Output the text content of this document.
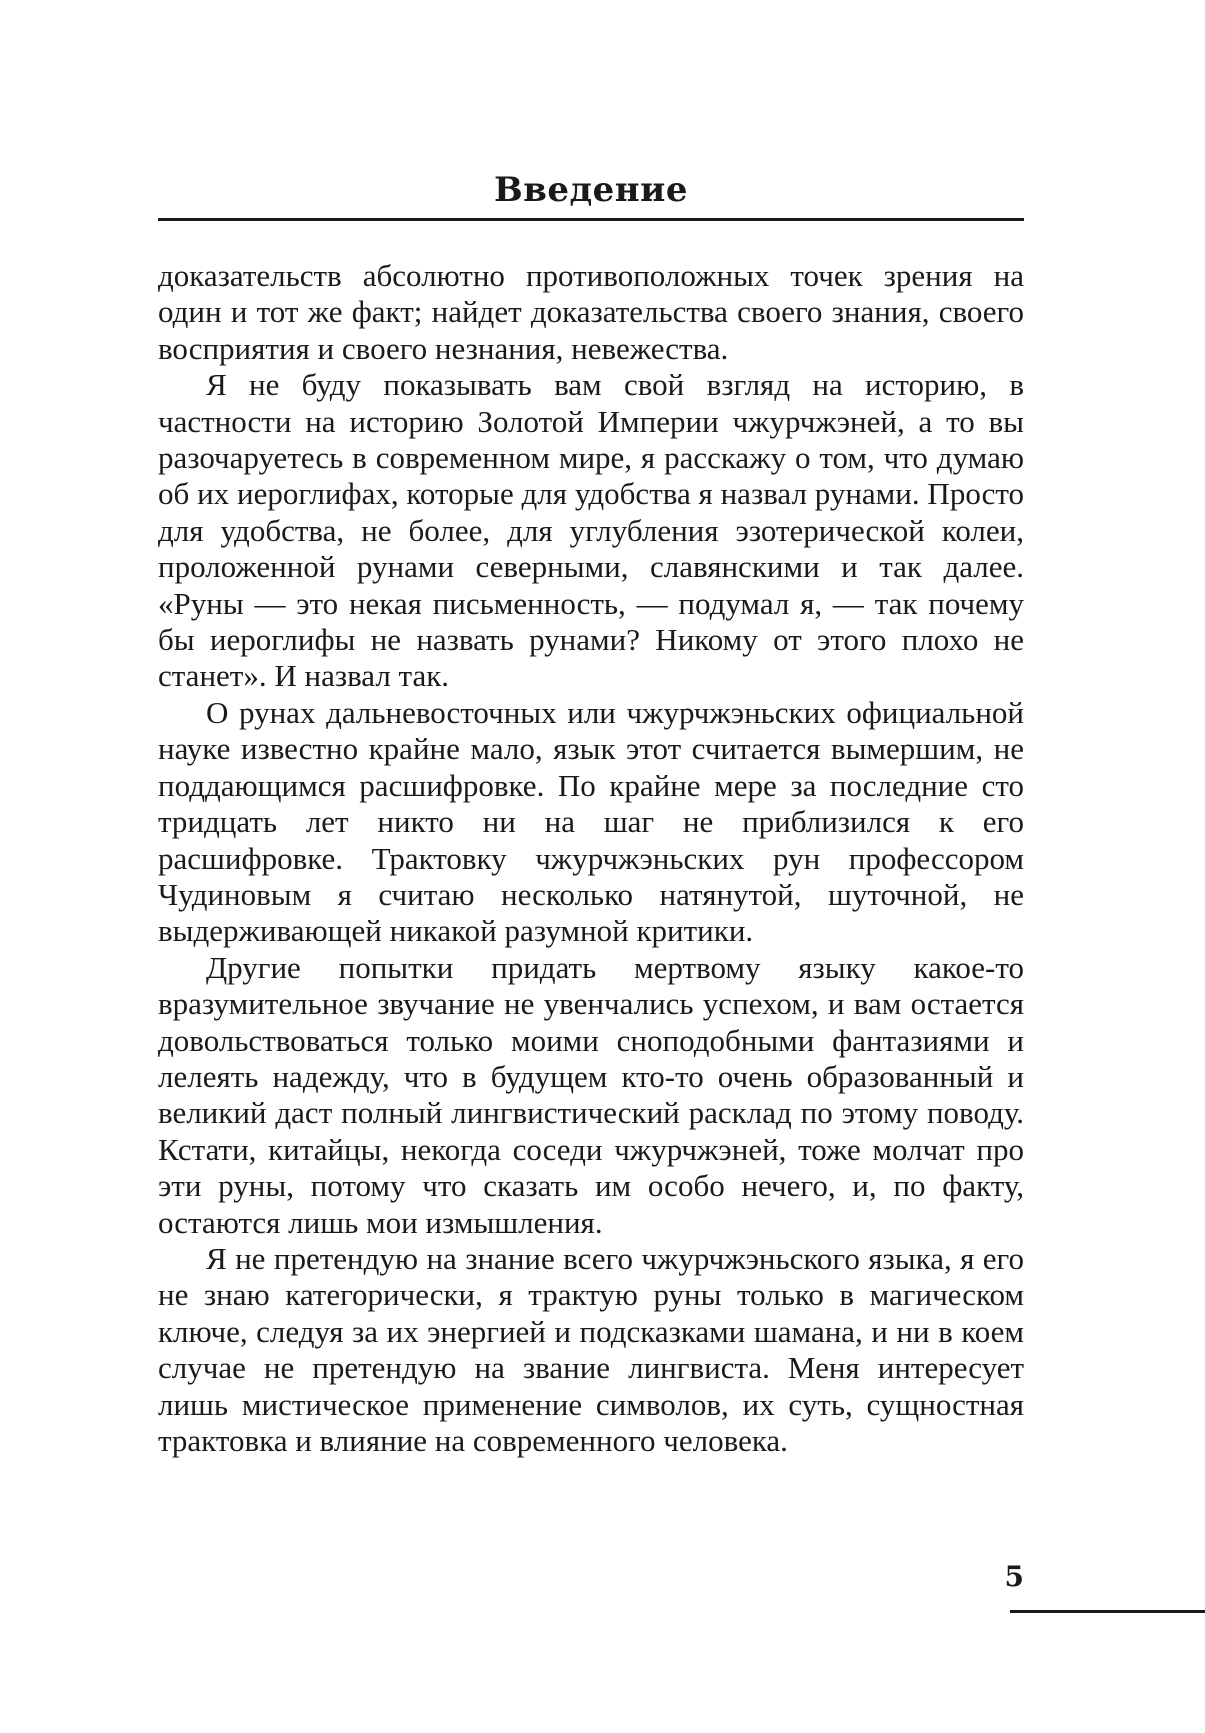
Введение

доказательств абсолютно противоположных точек зрения на один и тот же факт; найдет доказательства своего знания, своего восприятия и своего незнания, невежества.

Я не буду показывать вам свой взгляд на историю, в частности на историю Золотой Империи чжурчжэней, а то вы разочаруетесь в современном мире, я расскажу о том, что думаю об их иероглифах, которые для удобства я назвал рунами. Просто для удобства, не более, для углубления эзотерической колеи, проложенной рунами северными, славянскими и так далее. «Руны — это некая письменность, — подумал я, — так почему бы иероглифы не назвать рунами? Никому от этого плохо не станет». И назвал так.

О рунах дальневосточных или чжурчжэньских официальной науке известно крайне мало, язык этот считается вымершим, не поддающимся расшифровке. По крайне мере за последние сто тридцать лет никто ни на шаг не приблизился к его расшифровке. Трактовку чжурчжэньских рун профессором Чудиновым я считаю несколько натянутой, шуточной, не выдерживающей никакой разумной критики.

Другие попытки придать мертвому языку какое-то вразумительное звучание не увенчались успехом, и вам остается довольствоваться только моими сноподобными фантазиями и лелеять надежду, что в будущем кто-то очень образованный и великий даст полный лингвистический расклад по этому поводу. Кстати, китайцы, некогда соседи чжурчжэней, тоже молчат про эти руны, потому что сказать им особо нечего, и, по факту, остаются лишь мои измышления.

Я не претендую на знание всего чжурчжэньского языка, я его не знаю категорически, я трактую руны только в магическом ключе, следуя за их энергией и подсказками шамана, и ни в коем случае не претендую на звание лингвиста. Меня интересует лишь мистическое применение символов, их суть, сущностная трактовка и влияние на современного человека.

5
